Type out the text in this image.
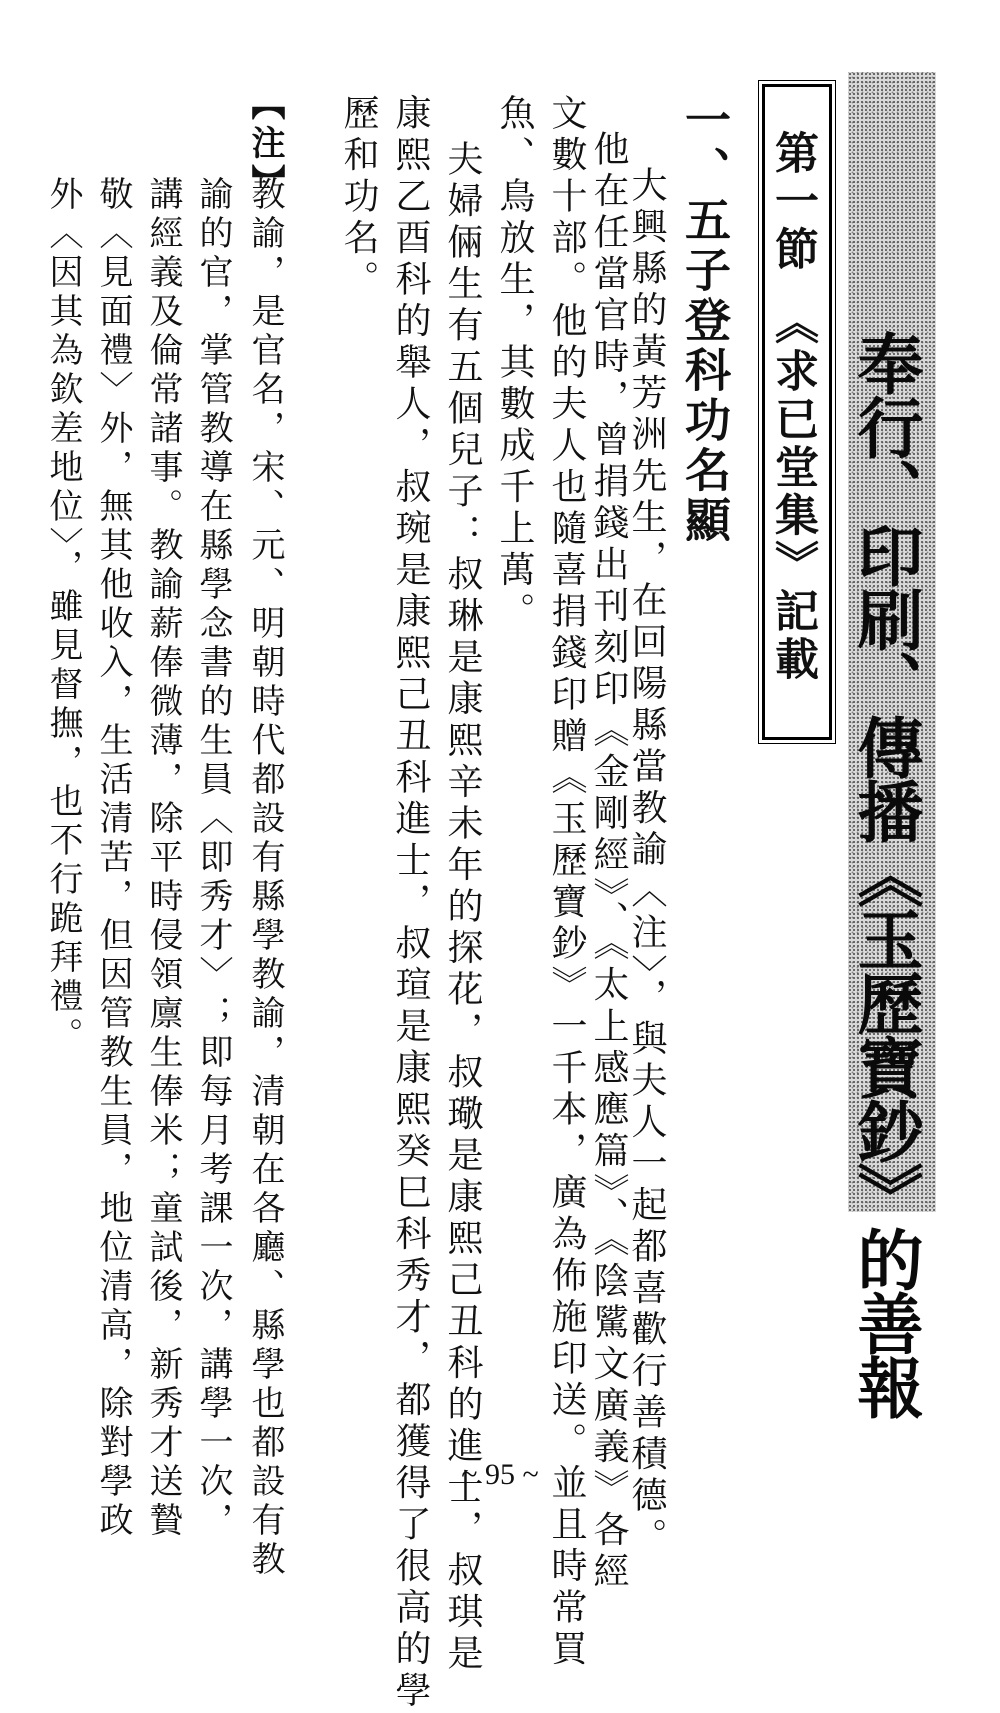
奉行、印刷、傳播《玉歷寶鈔》的善報
第一節　《求已堂集》記載
一、五子登科功名顯
大興縣的黃芳洲先生，在回陽縣當教諭〈注〉，與夫人一起都喜歡行善積德。
他在任當官時，曾捐錢出刊刻印《金剛經》、《太上感應篇》、《陰騭文廣義》各經
文數十部。他的夫人也隨喜捐錢印贈《玉歷寶鈔》一千本，廣為佈施印送。並且時常買
魚、鳥放生，其數成千上萬。
夫婦倆生有五個兒子：叔琳是康熙辛未年的探花，叔璥是康熙己丑科的進士，叔琪是
康熙乙酉科的舉人，叔琬是康熙己丑科進士，叔瑄是康熙癸巳科秀才，都獲得了很高的學
歷和功名。
【注】
教諭，是官名，宋、元、明朝時代都設有縣學教諭，清朝在各廳、縣學也都設有教
諭的官，掌管教導在縣學念書的生員〈即秀才〉；即每月考課一次，講學一次，
講經義及倫常諸事。教諭薪俸微薄，除平時侵領廪生俸米；童試後，新秀才送贄
敬〈見面禮〉外，無其他收入，生活清苦，但因管教生員，地位清高，除對學政
外〈因其為欽差地位〉，雖見督撫，也不行跪拜禮。
~ 95 ~
